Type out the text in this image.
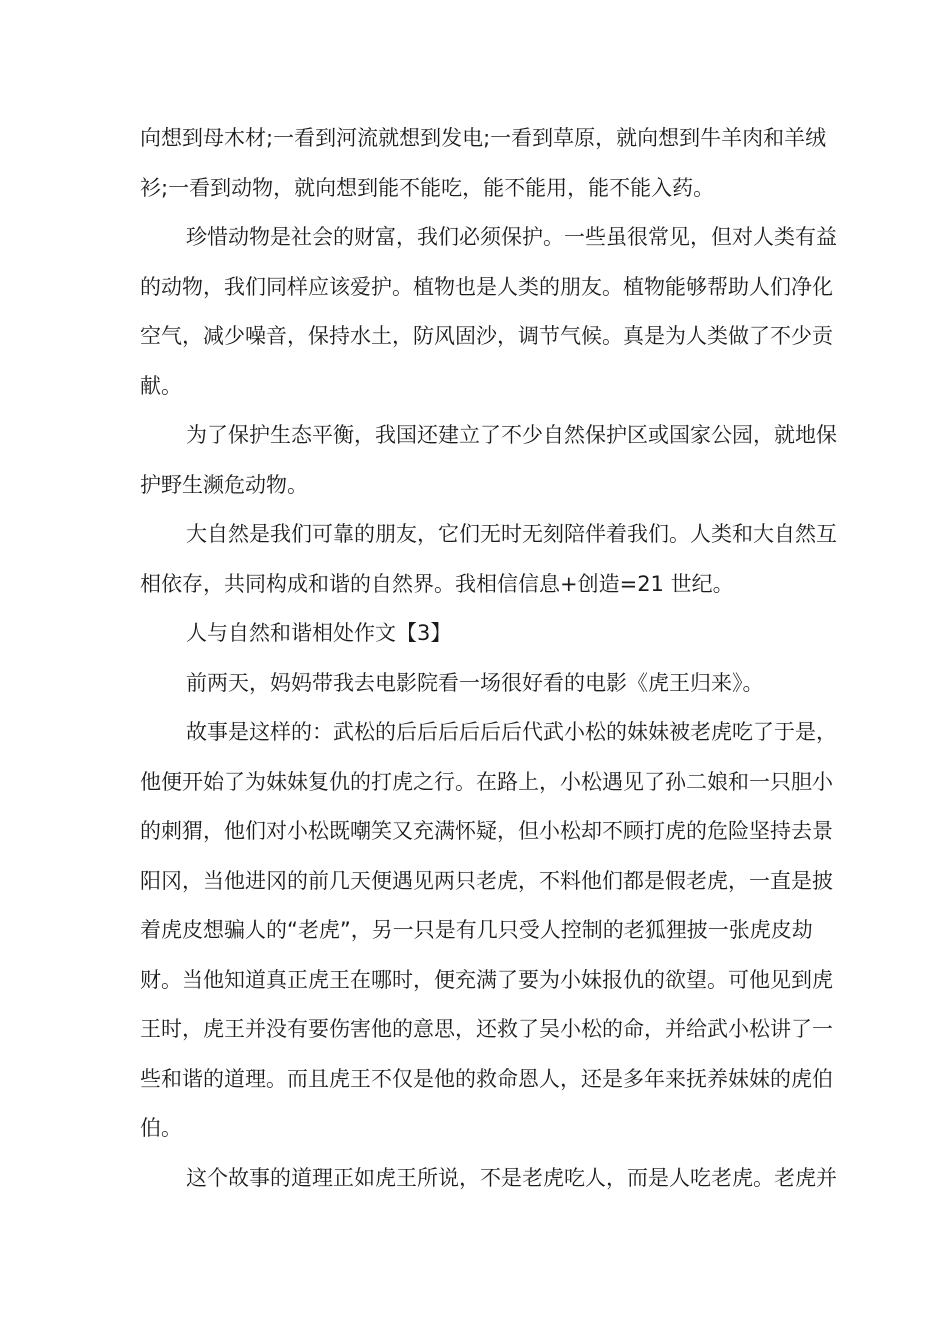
向想到母木材;一看到河流就想到发电;一看到草原，就向想到牛羊肉和羊绒
衫;一看到动物，就向想到能不能吃，能不能用，能不能入药。
珍惜动物是社会的财富，我们必须保护。一些虽很常见，但对人类有益
的动物，我们同样应该爱护。植物也是人类的朋友。植物能够帮助人们净化
空气，减少噪音，保持水土，防风固沙，调节气候。真是为人类做了不少贡
献。
为了保护生态平衡，我国还建立了不少自然保护区或国家公园，就地保
护野生濒危动物。
大自然是我们可靠的朋友，它们无时无刻陪伴着我们。人类和大自然互
相依存，共同构成和谐的自然界。我相信信息+创造=21 世纪。
人与自然和谐相处作文【3】
前两天，妈妈带我去电影院看一场很好看的电影《虎王归来》。
故事是这样的：武松的后后后后后后代武小松的妹妹被老虎吃了于是，
他便开始了为妹妹复仇的打虎之行。在路上，小松遇见了孙二娘和一只胆小
的刺猬，他们对小松既嘲笑又充满怀疑，但小松却不顾打虎的危险坚持去景
阳冈，当他进冈的前几天便遇见两只老虎，不料他们都是假老虎，一直是披
着虎皮想骗人的“老虎”，另一只是有几只受人控制的老狐狸披一张虎皮劫
财。当他知道真正虎王在哪时，便充满了要为小妹报仇的欲望。可他见到虎
王时，虎王并没有要伤害他的意思，还救了吴小松的命，并给武小松讲了一
些和谐的道理。而且虎王不仅是他的救命恩人，还是多年来抚养妹妹的虎伯
伯。
这个故事的道理正如虎王所说，不是老虎吃人，而是人吃老虎。老虎并
